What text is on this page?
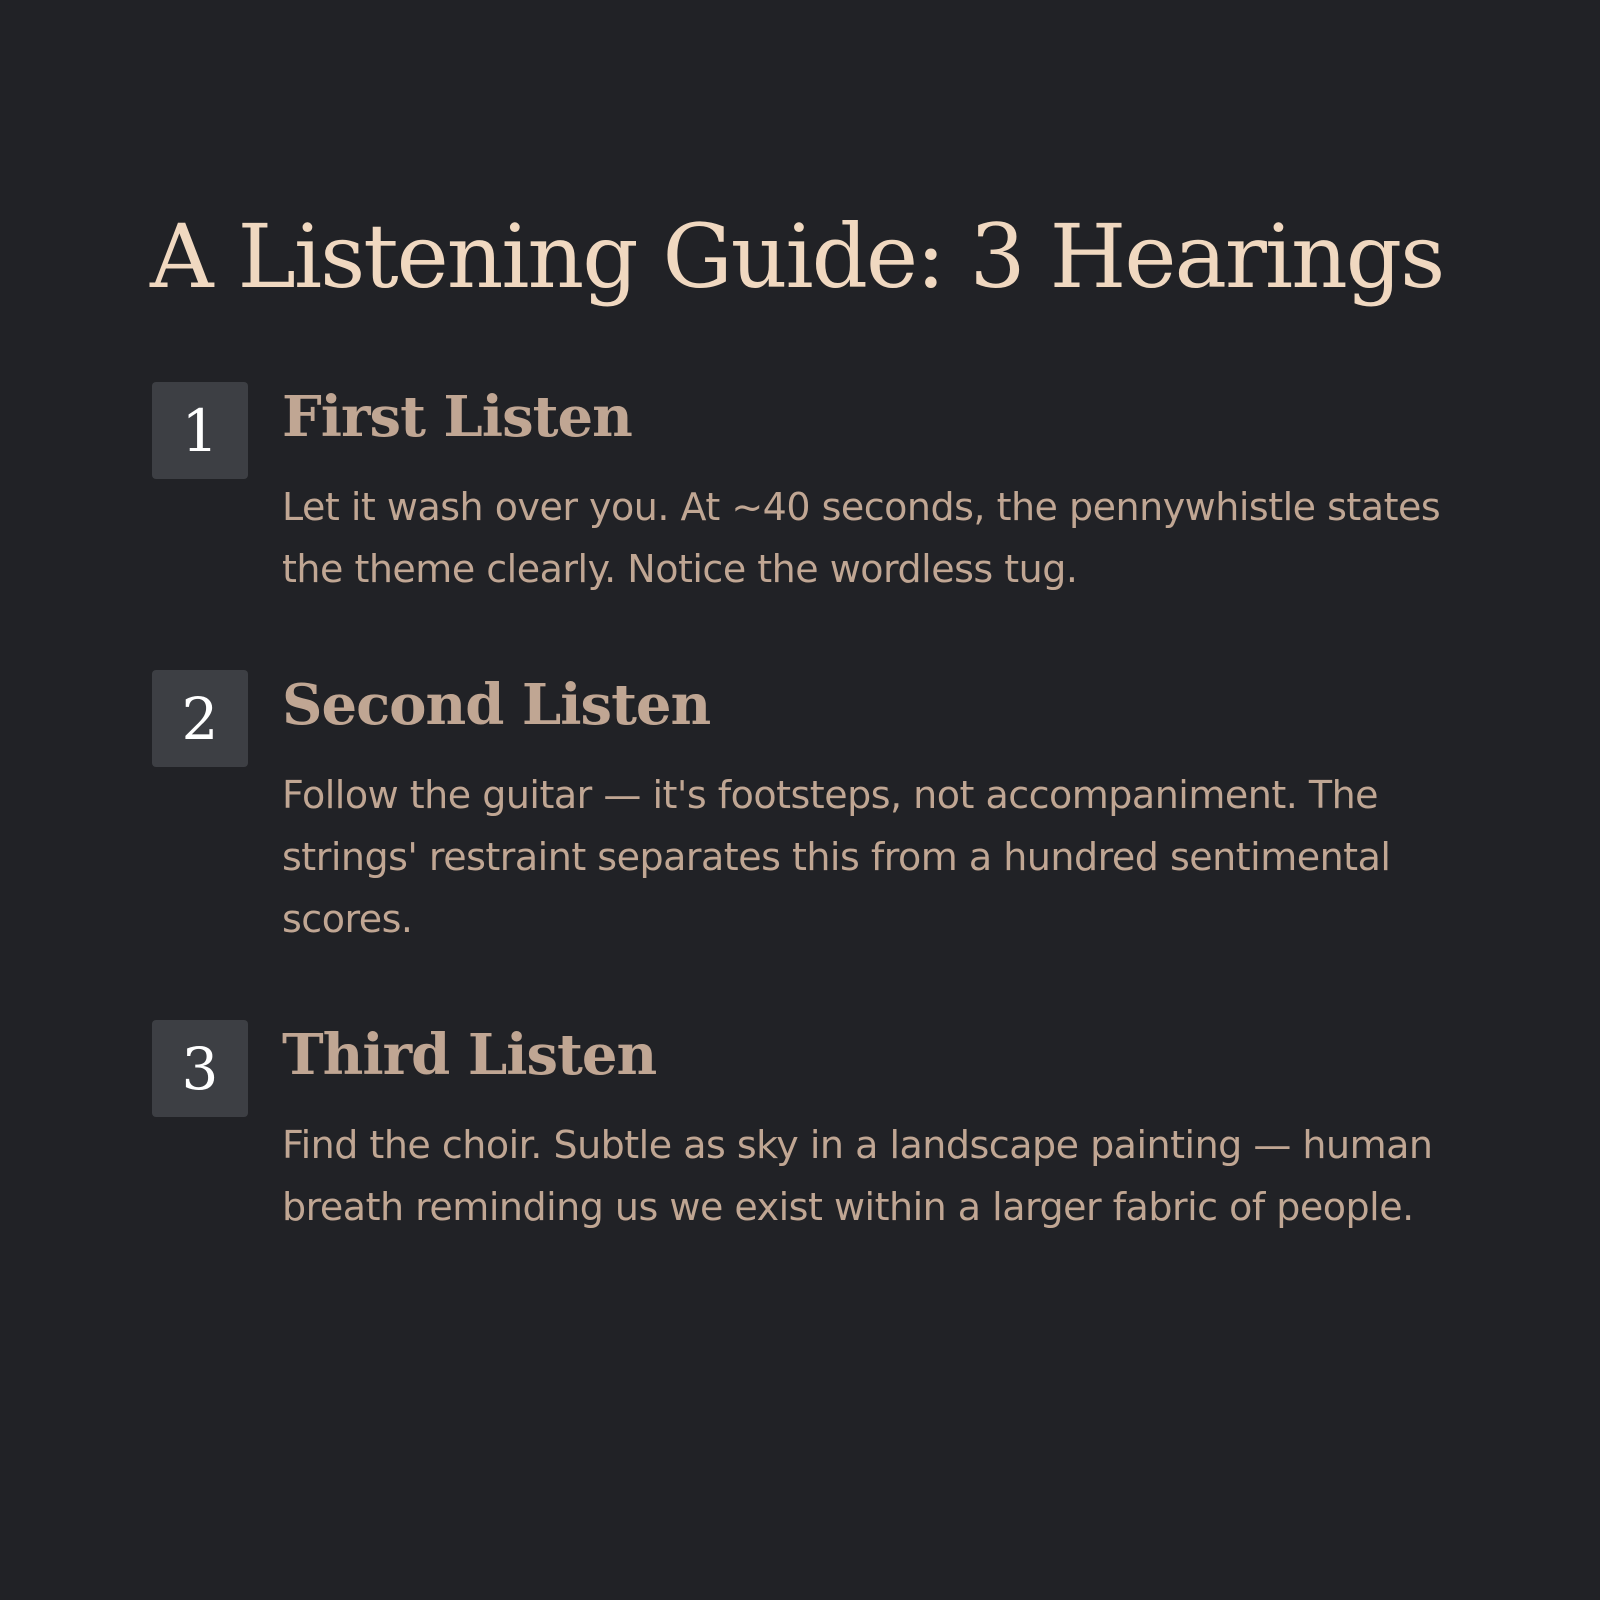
A Listening Guide: 3 Hearings
1	First Listen

Let it wash over you. At ~40 seconds, the pennywhistle states the theme clearly. Notice the wordless tug.

2	Second Listen

Follow the guitar — it's footsteps, not accompaniment. The strings' restraint separates this from a hundred sentimental scores.

3	Third Listen

Find the choir. Subtle as sky in a landscape painting — human breath reminding us we exist within a larger fabric of people.
